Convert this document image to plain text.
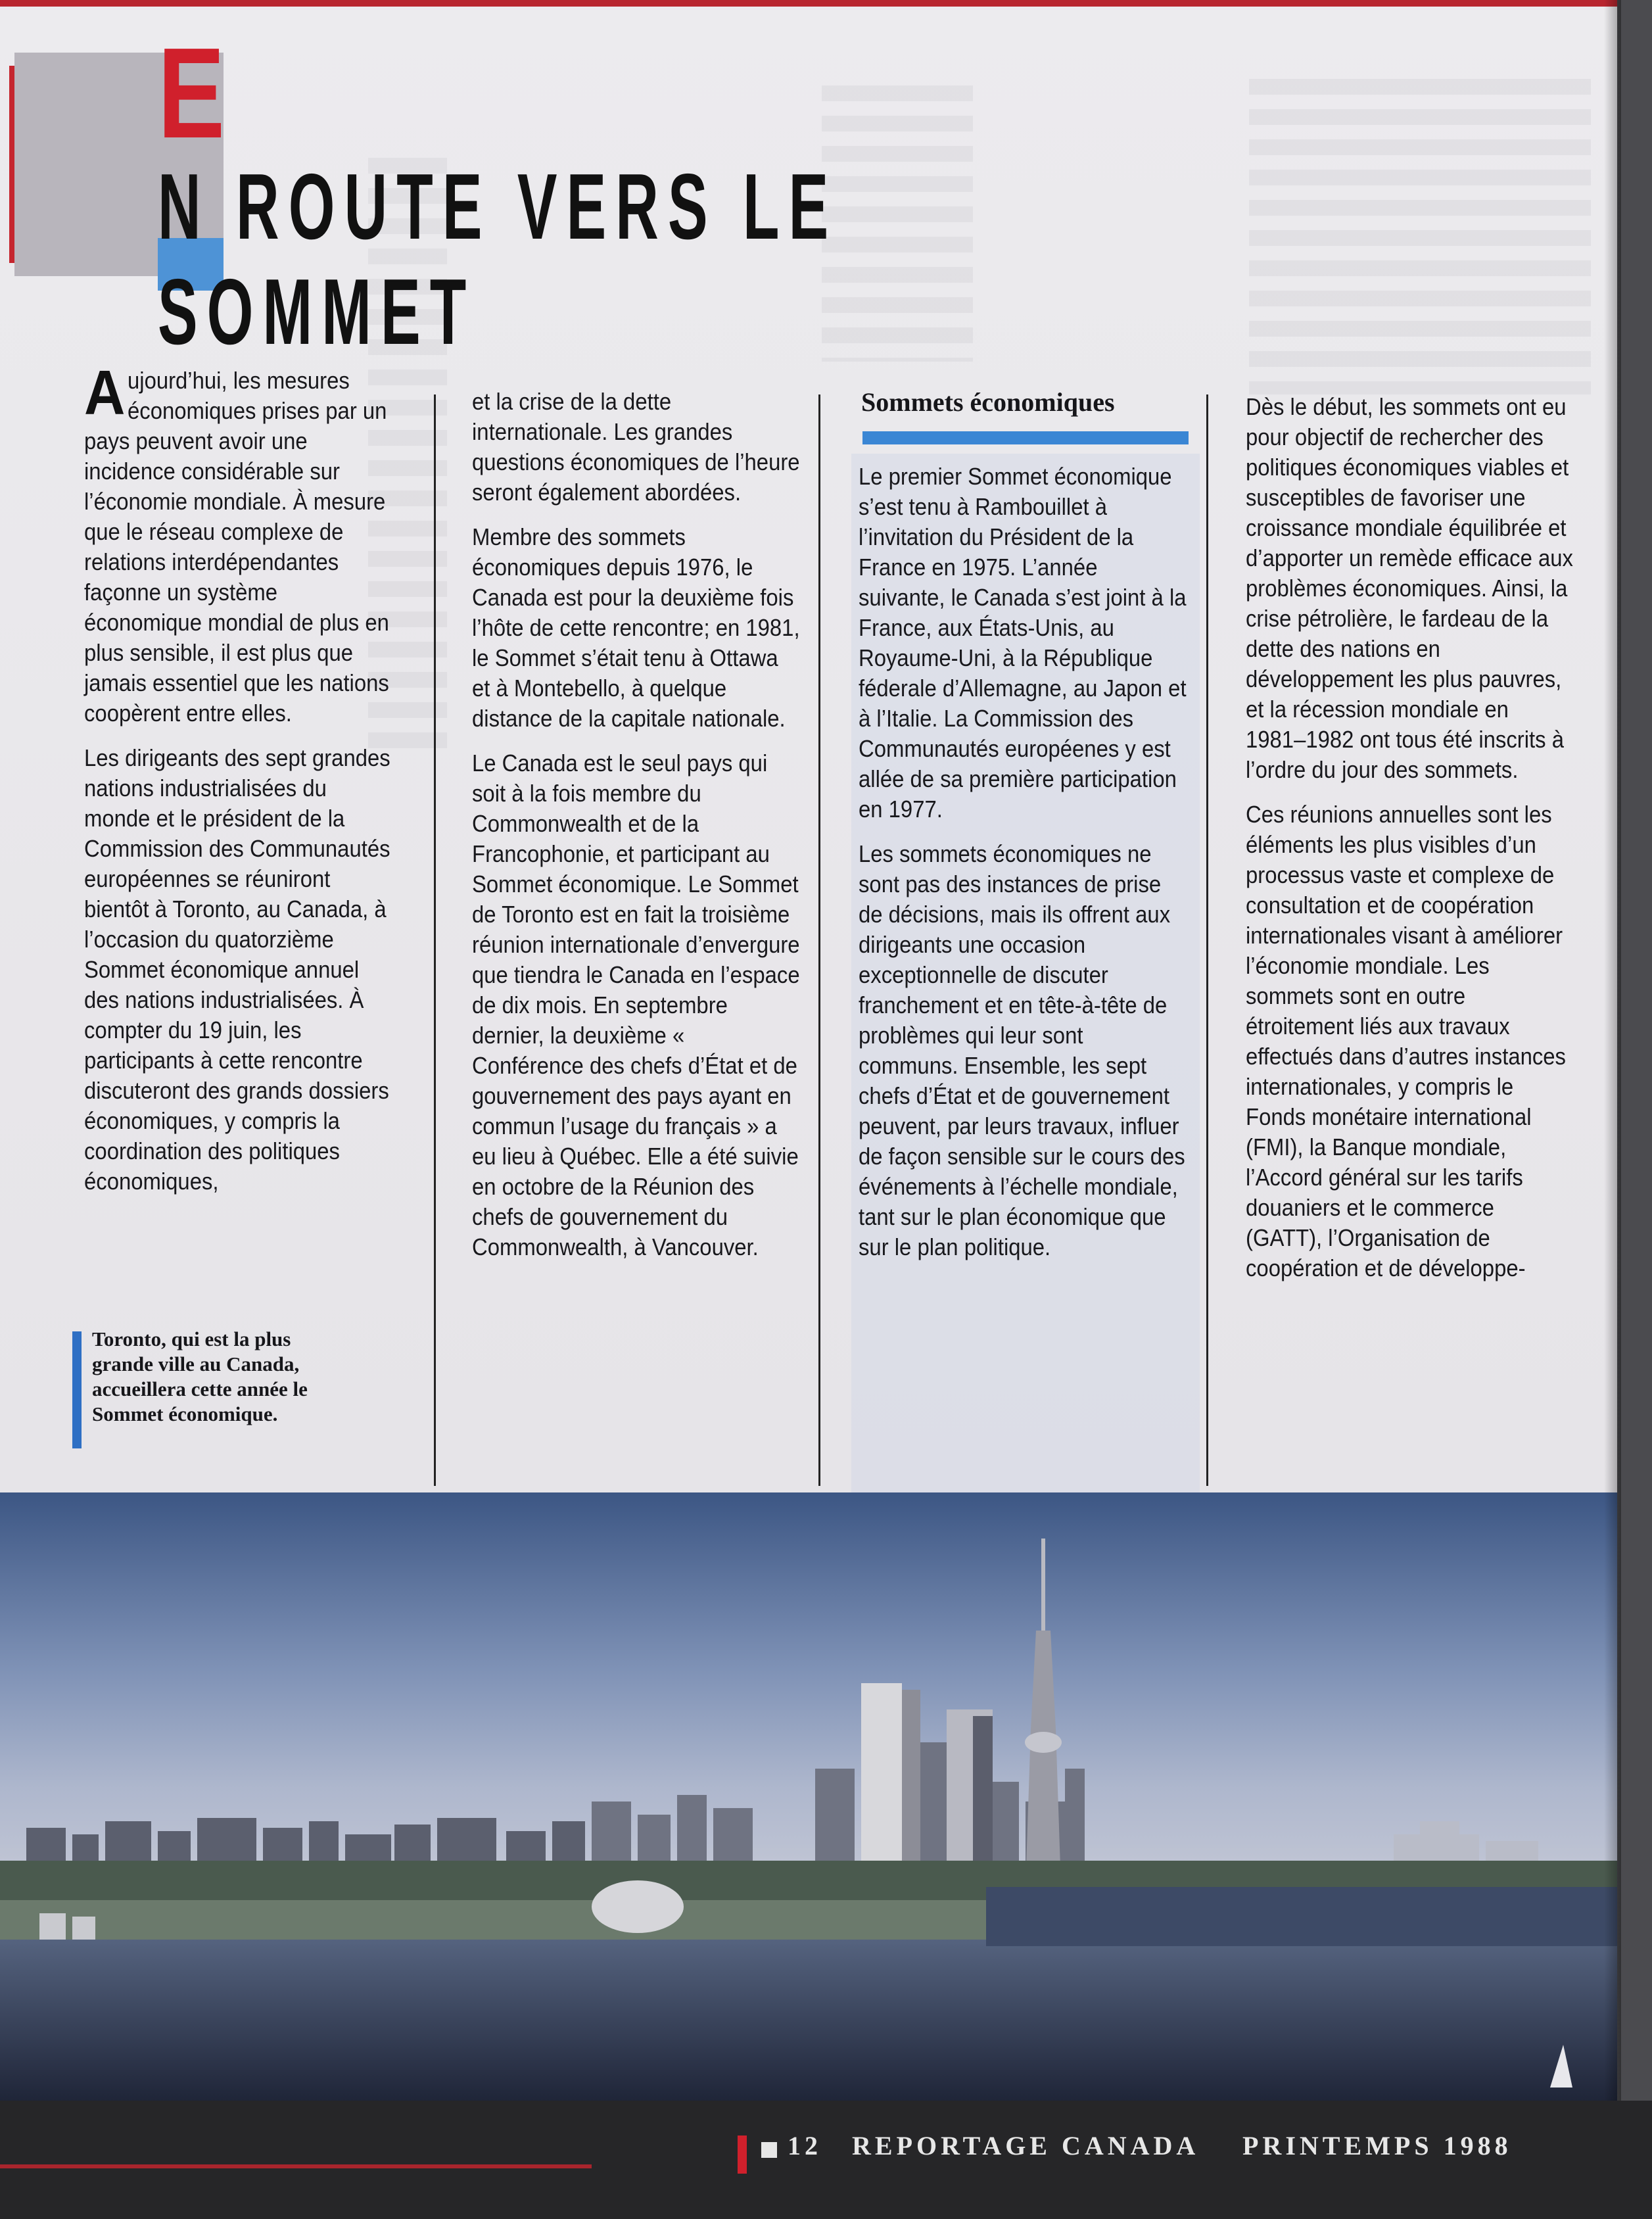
EN ROUTE VERS LE SOMMET

Aujourd’hui, les mesures économiques prises par un pays peuvent avoir une incidence considérable sur l’économie mondiale. À mesure que le réseau complexe de relations interdépendantes façonne un système économique mondial de plus en plus sensible, il est plus que jamais essentiel que les nations coopèrent entre elles.

Les dirigeants des sept grandes nations industrialisées du monde et le président de la Commission des Communautés européennes se réuniront bientôt à Toronto, au Canada, à l’occasion du quatorzième Sommet économique annuel des nations industrialisées. À compter du 19 juin, les participants à cette rencontre discuteront des grands dossiers économiques, y compris la coordination des politiques économiques,

Toronto, qui est la plus grande ville au Canada, accueillera cette année le Sommet économique.

et la crise de la dette internationale. Les grandes questions économiques de l’heure seront également abordées.

Membre des sommets économiques depuis 1976, le Canada est pour la deuxième fois l’hôte de cette rencontre; en 1981, le Sommet s’était tenu à Ottawa et à Montebello, à quelque distance de la capitale nationale.

Le Canada est le seul pays qui soit à la fois membre du Commonwealth et de la Francophonie, et participant au Sommet économique. Le Sommet de Toronto est en fait la troisième réunion internationale d’envergure que tiendra le Canada en l’espace de dix mois. En septembre dernier, la deuxième « Conférence des chefs d’État et de gouvernement des pays ayant en commun l’usage du français » a eu lieu à Québec. Elle a été suivie en octobre de la Réunion des chefs de gouvernement du Commonwealth, à Vancouver.

Sommets économiques

Le premier Sommet économique s’est tenu à Rambouillet à l’invitation du Président de la France en 1975. L’année suivante, le Canada s’est joint à la France, aux États-Unis, au Royaume-Uni, à la République féderale d’Allemagne, au Japon et à l’Italie. La Commission des Communautés européenes y est allée de sa première participation en 1977.

Les sommets économiques ne sont pas des instances de prise de décisions, mais ils offrent aux dirigeants une occasion exceptionnelle de discuter franchement et en tête-à-tête de problèmes qui leur sont communs. Ensemble, les sept chefs d’État et de gouvernement peuvent, par leurs travaux, influer de façon sensible sur le cours des événements à l’échelle mondiale, tant sur le plan économique que sur le plan politique.

Dès le début, les sommets ont eu pour objectif de rechercher des politiques économiques viables et susceptibles de favoriser une croissance mondiale équilibrée et d’apporter un remède efficace aux problèmes économiques. Ainsi, la crise pétrolière, le fardeau de la dette des nations en développement les plus pauvres, et la récession mondiale en 1981–1982 ont tous été inscrits à l’ordre du jour des sommets.

Ces réunions annuelles sont les éléments les plus visibles d’un processus vaste et complexe de consultation et de coopération internationales visant à améliorer l’économie mondiale. Les sommets sont en outre étroitement liés aux travaux effectués dans d’autres instances internationales, y compris le Fonds monétaire international (FMI), la Banque mondiale, l’Accord général sur les tarifs douaniers et le commerce (GATT), l’Organisation de coopération et de développe-

12 REPORTAGE CANADA PRINTEMPS 1988
